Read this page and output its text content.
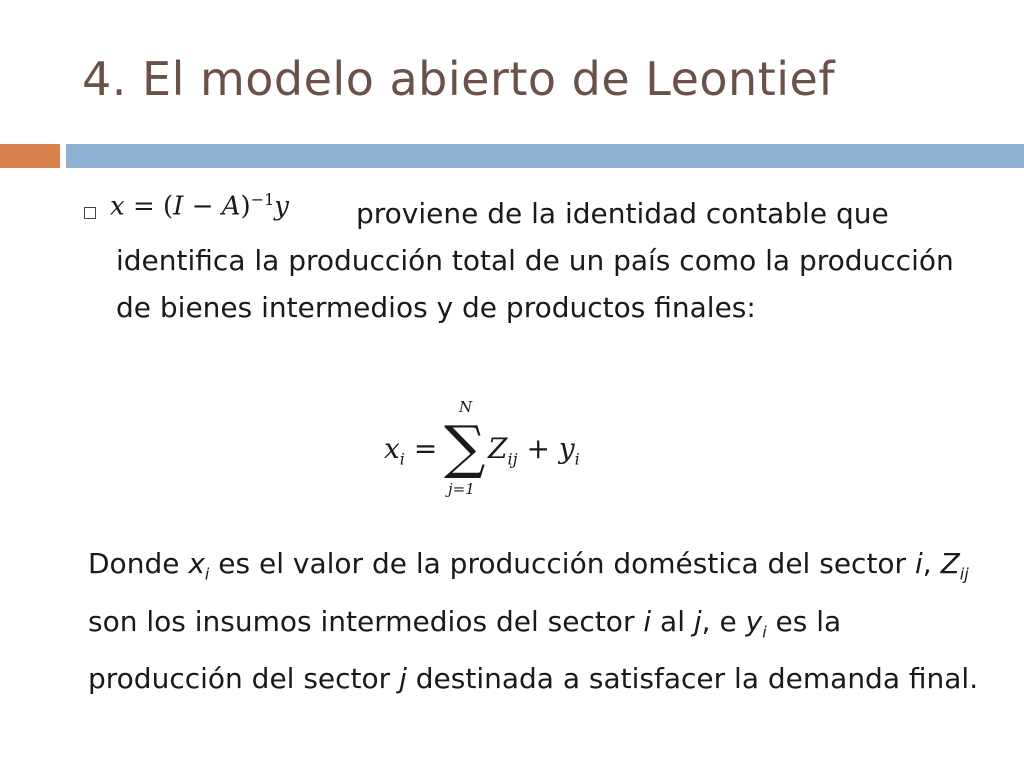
4. El modelo abierto de Leontief
$x = (I - A)^{-1}y$	proviene de la identidad contable que identifica la producción total de un país como la producción de bienes intermedios y de productos finales:
$x_i$ =
N
∑
j=1
$Z_{ij} + y_i$
Donde $x_i$ es el valor de la producción doméstica del sector i, $Z_{ij}$ son los insumos intermedios del sector i al j, e $y_i$ es la producción del sector j destinada a satisfacer la demanda final.
